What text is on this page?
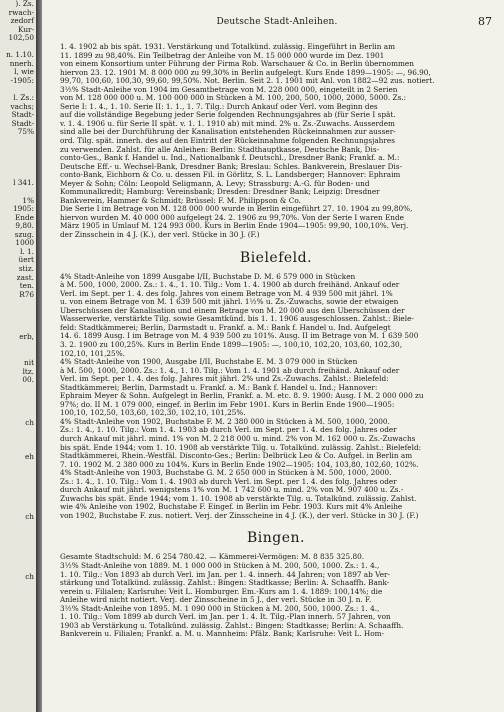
). Zs.
rwach-
zedorf
Kur-
102,50

n. 1.10.
nnerh.
l, wie
-1905:

l. Zs.:
vachs;
Stadt-
Stadt-
75%

l 341.

1%
1905:
Ende
9,80.
szug.
1000
l. 1.
üert
stiz.
zast.
ten.
R76

erb,

nit
ltz.
00.

ch

eh

ch

ch

Deutsche Stadt-Anleihen.	87

1. 4. 1902 ab bis spät. 1931. Verstärkung und Totalkünd. zulässig. Eingeführt in Berlin am
11. 1899 zu 98,40%. Ein Teilbetrag der Anleihe von M. 15 000 000 wurde im Dez. 1901
von einem Konsortium unter Führung der Firma Rob. Warschauer & Co. in Berlin übernommen
hiervon 23. 12. 1901 M. 8 000 000 zu 99,30% in Berlin aufgelegt. Kurs Ende 1899—1905: —, 96.90,
99,70, 100,60, 100,30, 99,60, 99,50%. Not. Berlin. Seit 2. 1. 1901 mit Anl. von 1882—92 zus. notiert.
3½% Stadt-Anleihe von 1904 im Gesamtbetrage von M. 228 000 000, eingeteilt in 2 Serien
von M. 128 000 000 u. M. 100 000 000 in Stücken à M. 100, 200, 500, 1000, 2000, 5000. Zs.:
Serie I: 1. 4., 1. 10. Serie II: 1. 1., 1. 7. Tilg.: Durch Ankauf oder Verl. vom Beginn des
auf die vollständige Begebung jeder Serie folgenden Rechnungsjahres ab (für Serie I spät.
v. 1. 4. 1906 u. für Serie II spät. v. 1. 1. 1910 ab) mit mind. 2% u. Zs.-Zuwachs. Ausserdem
sind alle bei der Durchführung der Kanalisation entstehenden Rückeinnahmen zur ausser-
ord. Tilg. spät. innerh. des auf den Eintritt der Rückeinnahme folgenden Rechnungsjahres
zu verwenden. Zahlst. für alle Anleihen: Berlin: Stadthauptkasse, Deutsche Bank, Dis-
conto-Ges., Bank f. Handel u. Ind., Nationalbank f. Deutschl., Dresdner Bank; Frankf. a. M.:
Deutsche Eff.- u. Wechsel-Bank, Dresdner Bank; Breslau: Schles. Bankverein, Breslauer Dis-
conto-Bank, Eichborn & Co. u. dessen Fil. in Görlitz, S. L. Landsberger; Hannover: Ephraim
Meyer & Sohn; Cöln: Leopold Seligmann, A. Levy; Strassburg: A.-G. für Boden- und
Kommunalkredit; Hamburg: Vereinsbank; Dresden: Dresdner Bank; Leipzig: Dresdner
Bankverein, Hammer & Schmidt; Brüssel: F. M. Philippson & Co.
Die Serie I im Betrage von M. 128 000 000 wurde in Berlin eingeführt 27. 10. 1904 zu 99,80%,
hiervon wurden M. 40 000 000 aufgelegt 24. 2. 1906 zu 99,70%. Von der Serie I waren Ende
März 1905 in Umlauf M. 124 993 000. Kurs in Berlin Ende 1904—1905: 99,90, 100,10%. Verj.
der Zinsschein in 4 J. (K.), der verl. Stücke in 30 J. (F.)

Bielefeld.

4% Stadt-Anleihe von 1899 Ausgabe I/II, Buchstabe D. M. 6 579 000 in Stücken
à M. 500, 1000, 2000. Zs.: 1. 4., 1. 10. Tilg.: Vom 1. 4. 1900 ab durch freihänd. Ankauf oder
Verl. im Sept. per 1. 4. des folg. Jahres von einem Betrage von M. 4 939 500 mit jährl. 1%
u. von einem Betrage von M. 1 639 500 mit jährl. 1½% u. Zs.-Zuwachs, sowie der etwaigen
Überschüssen der Kanalisation und einem Betrage von M. 20 000 aus den Überschüssen der
Wasserwerke, verstärkte Tilg. sowie Gesamtkünd. bis 1. 1. 1906 ausgeschlossen. Zahlst.: Biele-
feld: Stadtkämmerei; Berlin, Darmstadt u. Frankf. a. M.: Bank f. Handel u. Ind. Aufgelegt
14. 6. 1899 Ausg. I im Betrage von M. 4 939 500 zu 101%. Ausg. II im Betrage von M. 1 639 500
3. 2. 1900 zu 100,25%. Kurs in Berlin Ende 1899—1905: —, 100,10, 102,20, 103,60, 102,30,
102,10, 101,25%.
4% Stadt-Anleihe von 1900, Ausgabe I/II, Buchstabe E. M. 3 079 000 in Stücken
à M. 500, 1000, 2000. Zs.: 1. 4., 1. 10. Tilg.: Vom 1. 4. 1901 ab durch freihänd. Ankauf oder
Verl. im Sept. per 1. 4. des folg. Jahres mit jährl. 2% und Zs.-Zuwachs. Zahlst.: Bielefeld:
Stadtkämmerei; Berlin, Darmstadt u. Frankf. a. M.: Bank f. Handel u. Ind.; Hannover:
Ephraim Meyer & Sohn. Aufgelegt in Berlin, Frankf. a. M. etc. 8. 9. 1900: Ausg. I M. 2 000 000 zu
97%; do. II M. 1 079 000, eingef. in Berlin im Febr 1901. Kurs in Berlin Ende 1900—1905:
100,10, 102,50, 103,60, 102,30, 102,10, 101,25%.
4% Stadt-Anleihe von 1902, Buchstabe F. M. 2 380 000 in Stücken à M. 500, 1000, 2000.
Zs.: 1. 4., 1. 10. Tilg.: Vom 1. 4. 1903 ab durch Verl. im Sept. per 1. 4. des folg. Jahres oder
durch Ankauf mit jährl. mind. 1% von M. 2 218 000 u. mind. 2% von M. 162 000 u. Zs.-Zuwachs
bis spät. Ende 1944; vom 1. 10. 1908 ab verstärkte Tilg. u. Totalkünd. zulässig. Zahlst.: Bielefeld:
Stadtkämmerei, Rhein.-Westfäl. Disconto-Ges.; Berlin: Delbrück Leo & Co. Aufgel. in Berlin am
7. 10. 1902 M. 2 380 000 zu 104%. Kurs in Berlin Ende 1902—1905: 104, 103,80, 102,60, 102%.
4% Stadt-Anleihe von 1903, Buchstabe G. M. 2 650 000 in Stücken à M. 500, 1000, 2000.
Zs.: 1. 4., 1. 10. Tilg.: Vom 1. 4. 1903 ab durch Verl. im Sept. per 1. 4. des folg. Jahres oder
durch Ankauf mit jährl. wenigstens 1% von M. 1 742 600 u. mind. 2% von M. 907 400 u. Zs.-
Zuwachs bis spät. Ende 1944; vom 1. 10. 1908 ab verstärkte Tilg. u. Totalkünd. zulässig. Zahlst.
wie 4% Anleihe von 1902, Buchstabe F. Eingef. in Berlin im Febr. 1903. Kurs mit 4% Anleihe
von 1902, Buchstabe F. zus. notiert. Verj. der Zinsscheine in 4 J. (K.), der verl. Stücke in 30 J. (F.)

Bingen.

Gesamte Stadtschuld: M. 6 254 780.42. — Kämmerei-Vermögen: M. 8 835 325.80.
3½% Stadt-Anleihe von 1889. M. 1 000 000 in Stücken à M. 200, 500, 1000. Zs.: 1. 4.,
1. 10. Tilg.: Von 1893 ab durch Verl. im Jan. per 1. 4. innerh. 44 Jahren; von 1897 ab Ver-
stärkung und Totalkünd. zulässig. Zahlst.: Bingen: Stadtkasse; Berlin: A. Schaaffh. Bank-
verein u. Filialen; Karlsruhe: Veit L. Homburger. Em.-Kurs am 1. 4. 1889: 100,14%; die
Anleihe wird nicht notiert. Verj. der Zinsscheine in 5 J., der verl. Stücke in 30 J. n. F.
3½% Stadt-Anleihe von 1895. M. 1 090 000 in Stücken à M. 200, 500, 1000. Zs.: 1. 4.,
1. 10. Tilg.: Vom 1899 ab durch Verl. im Jan. per 1. 4. It. Tilg.-Plan innerh. 57 Jahren, von
1903 ab Verstärkung u. Totalkünd. zulässig. Zahlst.: Bingen: Stadtkasse; Berlin: A. Schaaffh.
Bankverein u. Filialen; Frankf. a. M. u. Mannheim: Pfälz. Bank; Karlsruhe: Veit L. Hom-
